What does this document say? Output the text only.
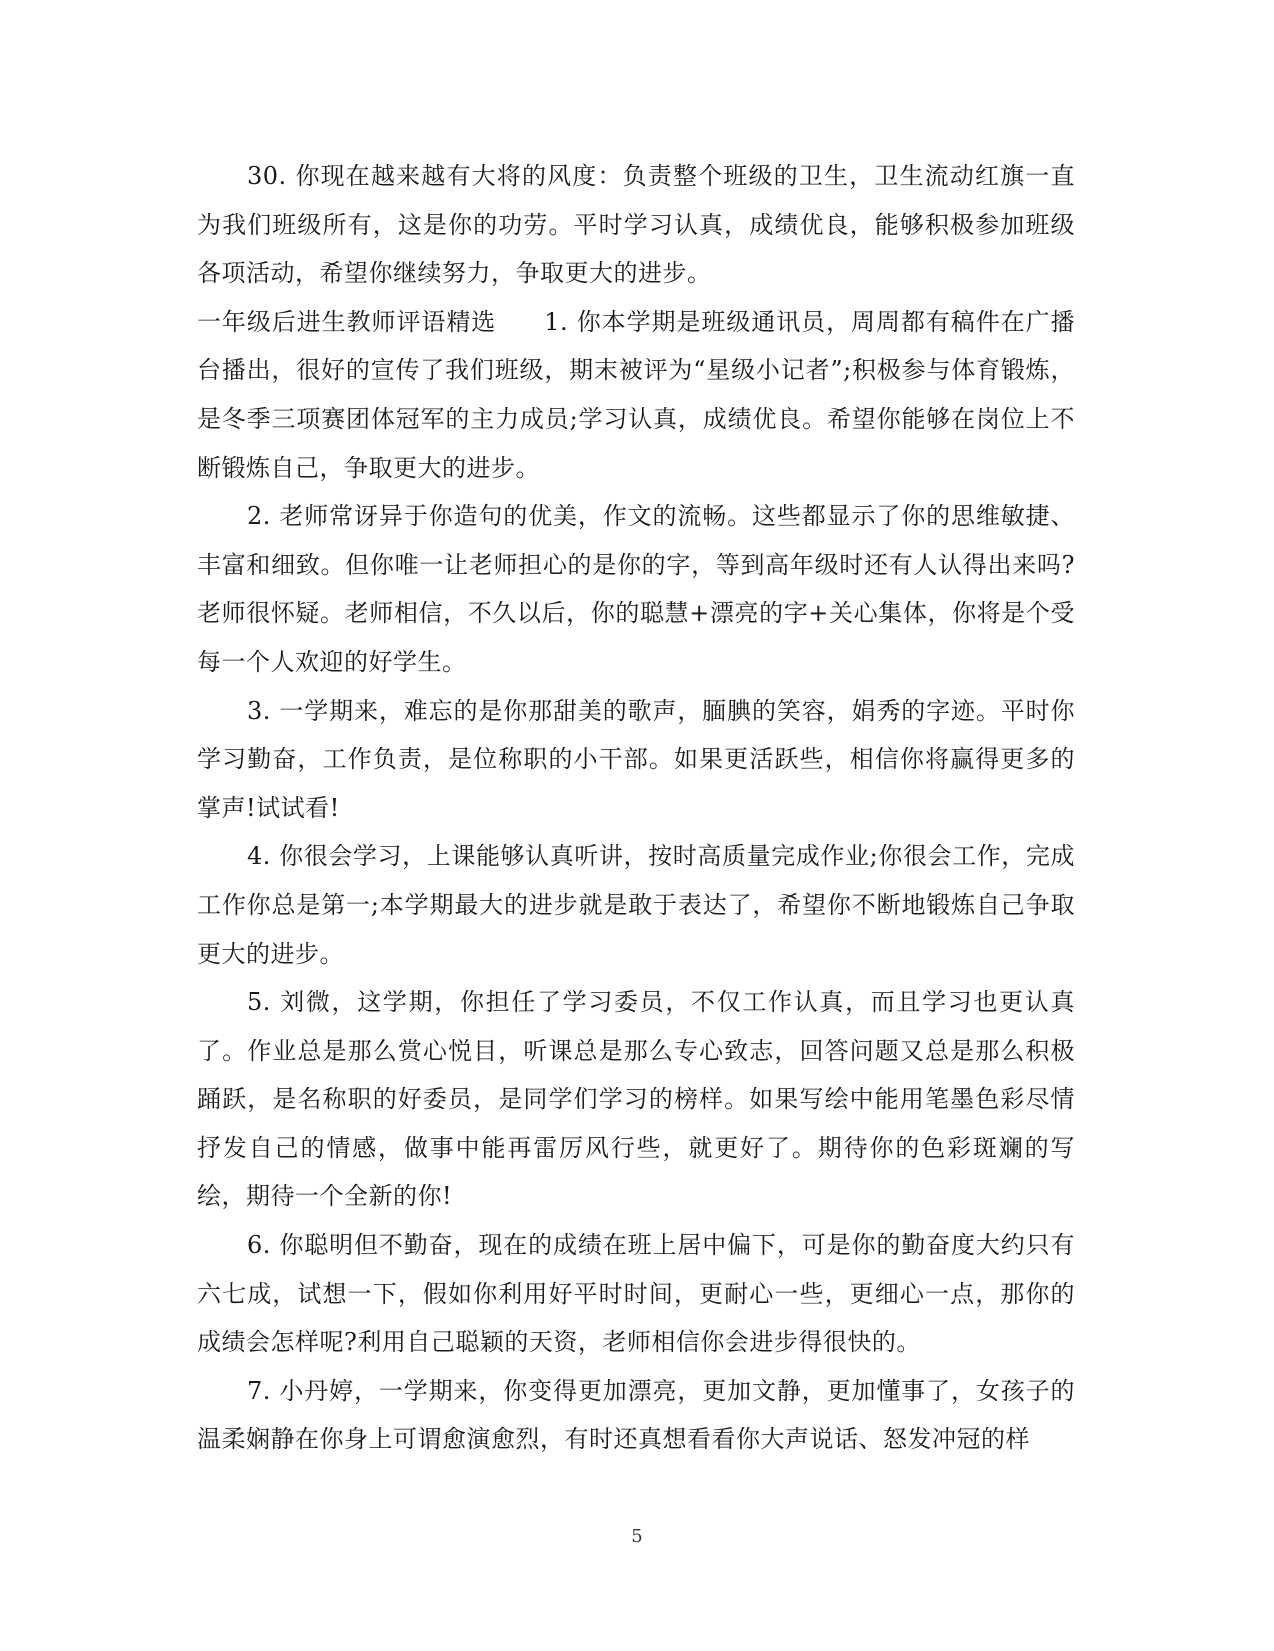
30. 你现在越来越有大将的风度：负责整个班级的卫生，卫生流动红旗一直为我们班级所有，这是你的功劳。平时学习认真，成绩优良，能够积极参加班级各项活动，希望你继续努力，争取更大的进步。

一年级后进生教师评语精选 1. 你本学期是班级通讯员，周周都有稿件在广播台播出，很好的宣传了我们班级，期末被评为“星级小记者”;积极参与体育锻炼，是冬季三项赛团体冠军的主力成员;学习认真，成绩优良。希望你能够在岗位上不断锻炼自己，争取更大的进步。

2. 老师常讶异于你造句的优美，作文的流畅。这些都显示了你的思维敏捷、丰富和细致。但你唯一让老师担心的是你的字，等到高年级时还有人认得出来吗?老师很怀疑。老师相信，不久以后，你的聪慧+漂亮的字+关心集体，你将是个受每一个人欢迎的好学生。

3. 一学期来，难忘的是你那甜美的歌声，腼腆的笑容，娟秀的字迹。平时你学习勤奋，工作负责，是位称职的小干部。如果更活跃些，相信你将赢得更多的掌声!试试看!

4. 你很会学习，上课能够认真听讲，按时高质量完成作业;你很会工作，完成工作你总是第一;本学期最大的进步就是敢于表达了，希望你不断地锻炼自己争取更大的进步。

5. 刘微，这学期，你担任了学习委员，不仅工作认真，而且学习也更认真了。作业总是那么赏心悦目，听课总是那么专心致志，回答问题又总是那么积极踊跃，是名称职的好委员，是同学们学习的榜样。如果写绘中能用笔墨色彩尽情抒发自己的情感，做事中能再雷厉风行些，就更好了。期待你的色彩斑斓的写绘，期待一个全新的你!

6. 你聪明但不勤奋，现在的成绩在班上居中偏下，可是你的勤奋度大约只有六七成，试想一下，假如你利用好平时时间，更耐心一些，更细心一点，那你的成绩会怎样呢?利用自己聪颖的天资，老师相信你会进步得很快的。

7. 小丹婷，一学期来，你变得更加漂亮，更加文静，更加懂事了，女孩子的温柔娴静在你身上可谓愈演愈烈，有时还真想看看你大声说话、怒发冲冠的样

5
